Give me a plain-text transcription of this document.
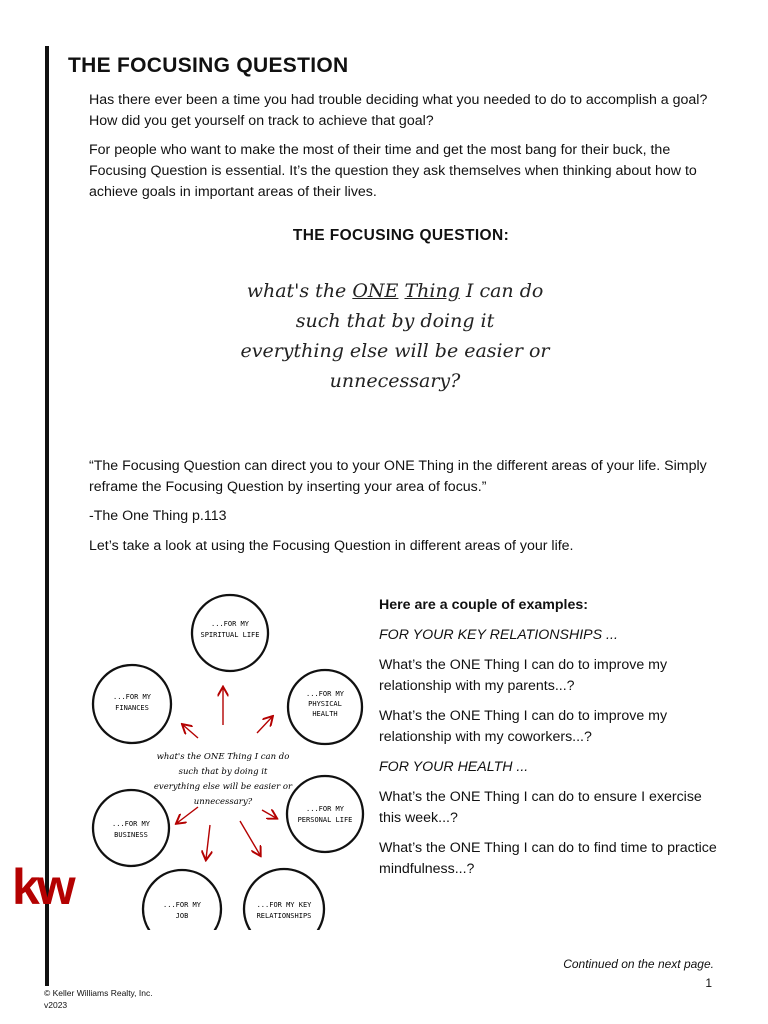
THE FOCUSING QUESTION

Has there ever been a time you had trouble deciding what you needed to do to accomplish a goal? How did you get yourself on track to achieve that goal?

For people who want to make the most of their time and get the most bang for their buck, the Focusing Question is essential. It’s the question they ask themselves when thinking about how to achieve goals in important areas of their lives.

THE FOCUSING QUESTION:
what's the ONE Thing I can do
such that by doing it
everything else will be easier or
unnecessary?

“The Focusing Question can direct you to your ONE Thing in the different areas of your life. Simply reframe the Focusing Question by inserting your area of focus.”

-The One Thing p.113

Let’s take a look at using the Focusing Question in different areas of your life.

...FOR MY
SPIRITUAL LIFE
...FOR MY
PHYSICAL
HEALTH
...FOR MY
PERSONAL LIFE
...FOR MY KEY
RELATIONSHIPS
...FOR MY
JOB
...FOR MY
BUSINESS
...FOR MY
FINANCES
what's the ONE Thing I can do
such that by doing it
everything else will be easier or
unnecessary?

Here are a couple of examples:

FOR YOUR KEY RELATIONSHIPS ...

What’s the ONE Thing I can do to improve my relationship with my parents...?

What’s the ONE Thing I can do to improve my relationship with my coworkers...?

FOR YOUR HEALTH ...

What’s the ONE Thing I can do to ensure I exercise this week...?

What’s the ONE Thing I can do to find time to practice mindfulness...?

kw
Continued on the next page.
1
© Keller Williams Realty, Inc.
v2023
